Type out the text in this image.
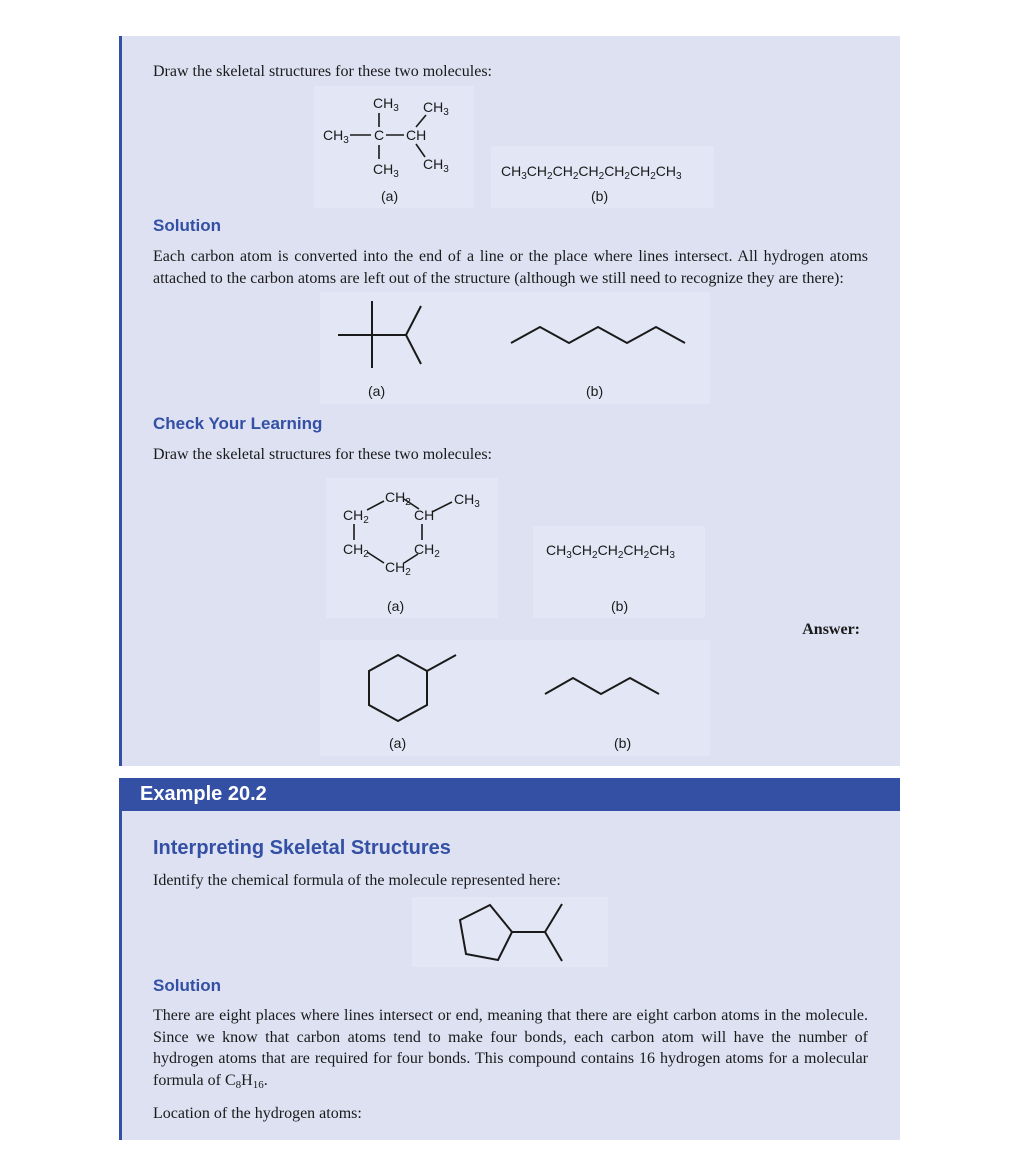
Draw the skeletal structures for these two molecules:
$CH_3$ $CH_3$
$CH_3$ C CH
$CH_3$
$CH_3$
(a)
$CH_3CH_2CH_2CH_2CH_2CH_2CH_3$
(b)
Solution
Each carbon atom is converted into the end of a line or the place where lines intersect. All hydrogen atoms attached to the carbon atoms are left out of the structure (although we still need to recognize they are there):
(a)	(b)
Check Your Learning
Draw the skeletal structures for these two molecules:
$CH_2$	$CH_3$
$CH_2$	CH
$CH_2$	$CH_2$
$CH_2$
(a)
$CH_3CH_2CH_2CH_2CH_3$
(b)
Answer:
(a)	(b)
Example 20.2
Interpreting Skeletal Structures
Identify the chemical formula of the molecule represented here:
Solution
There are eight places where lines intersect or end, meaning that there are eight carbon atoms in the molecule. Since we know that carbon atoms tend to make four bonds, each carbon atom will have the number of hydrogen atoms that are required for four bonds. This compound contains 16 hydrogen atoms for a molecular formula of $C_8H_{16}$.
Location of the hydrogen atoms:
